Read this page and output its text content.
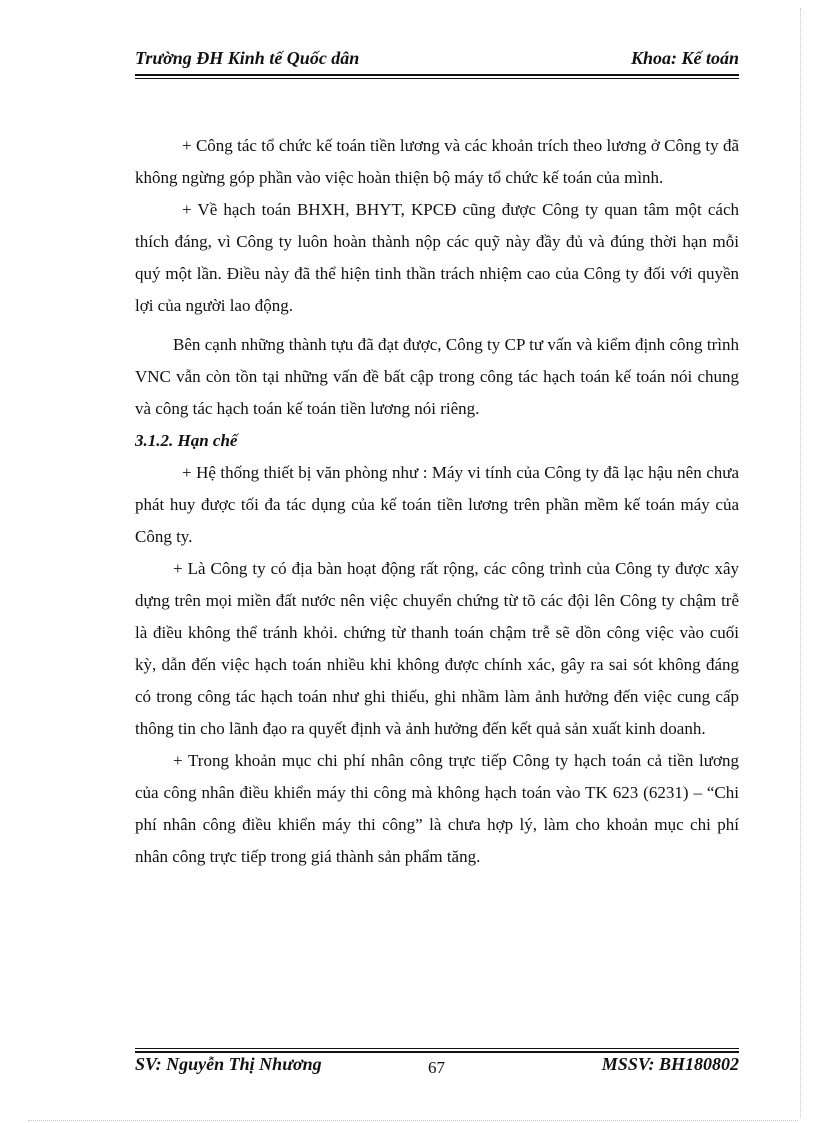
Trường ĐH Kinh tế Quốc dân	Khoa: Kế toán

+ Công tác tổ chức kế toán tiền lương và các khoản trích theo lương ở Công ty đã không ngừng góp phần vào việc hoàn thiện bộ máy tổ chức kế toán của mình.

+ Về hạch toán BHXH, BHYT, KPCĐ cũng được Công ty quan tâm một cách thích đáng, vì Công ty luôn hoàn thành nộp các quỹ này đầy đủ và đúng thời hạn mỗi quý một lần. Điều này đã thể hiện tinh thần trách nhiệm cao của Công ty đối với quyền lợi của người lao động.

Bên cạnh những thành tựu đã đạt được, Công ty CP tư vấn và kiểm định công trình VNC vẫn còn tồn tại những vấn đề bất cập trong công tác hạch toán kế toán nói chung và công tác hạch toán kế toán tiền lương nói riêng.

3.1.2. Hạn chế

+ Hệ thống thiết bị văn phòng như : Máy vi tính của Công ty đã lạc hậu nên chưa phát huy được tối đa tác dụng của kế toán tiền lương trên phần mềm kế toán máy của Công ty.

+ Là Công ty có địa bàn hoạt động rất rộng, các công trình của Công ty được xây dựng trên mọi miền đất nước nên việc chuyển chứng từ tõ các đội lên Công ty chậm trễ là điều không thể tránh khỏi. chứng từ thanh toán chậm trễ sẽ dồn công việc vào cuối kỳ, dẫn đến việc hạch toán nhiều khi không được chính xác, gây ra sai sót không đáng có trong công tác hạch toán như ghi thiếu, ghi nhầm làm ảnh hưởng đến việc cung cấp thông tin cho lãnh đạo ra quyết định và ảnh hưởng đến kết quả sản xuất kinh doanh.

+ Trong khoản mục chi phí nhân công trực tiếp Công ty hạch toán cả tiền lương của công nhân điều khiển máy thi công mà không hạch toán vào TK 623 (6231) – “Chi phí nhân công điều khiển máy thi công” là chưa hợp lý, làm cho khoản mục chi phí nhân công trực tiếp trong giá thành sản phẩm tăng.

SV: Nguyễn Thị Nhương	67	MSSV: BH180802
